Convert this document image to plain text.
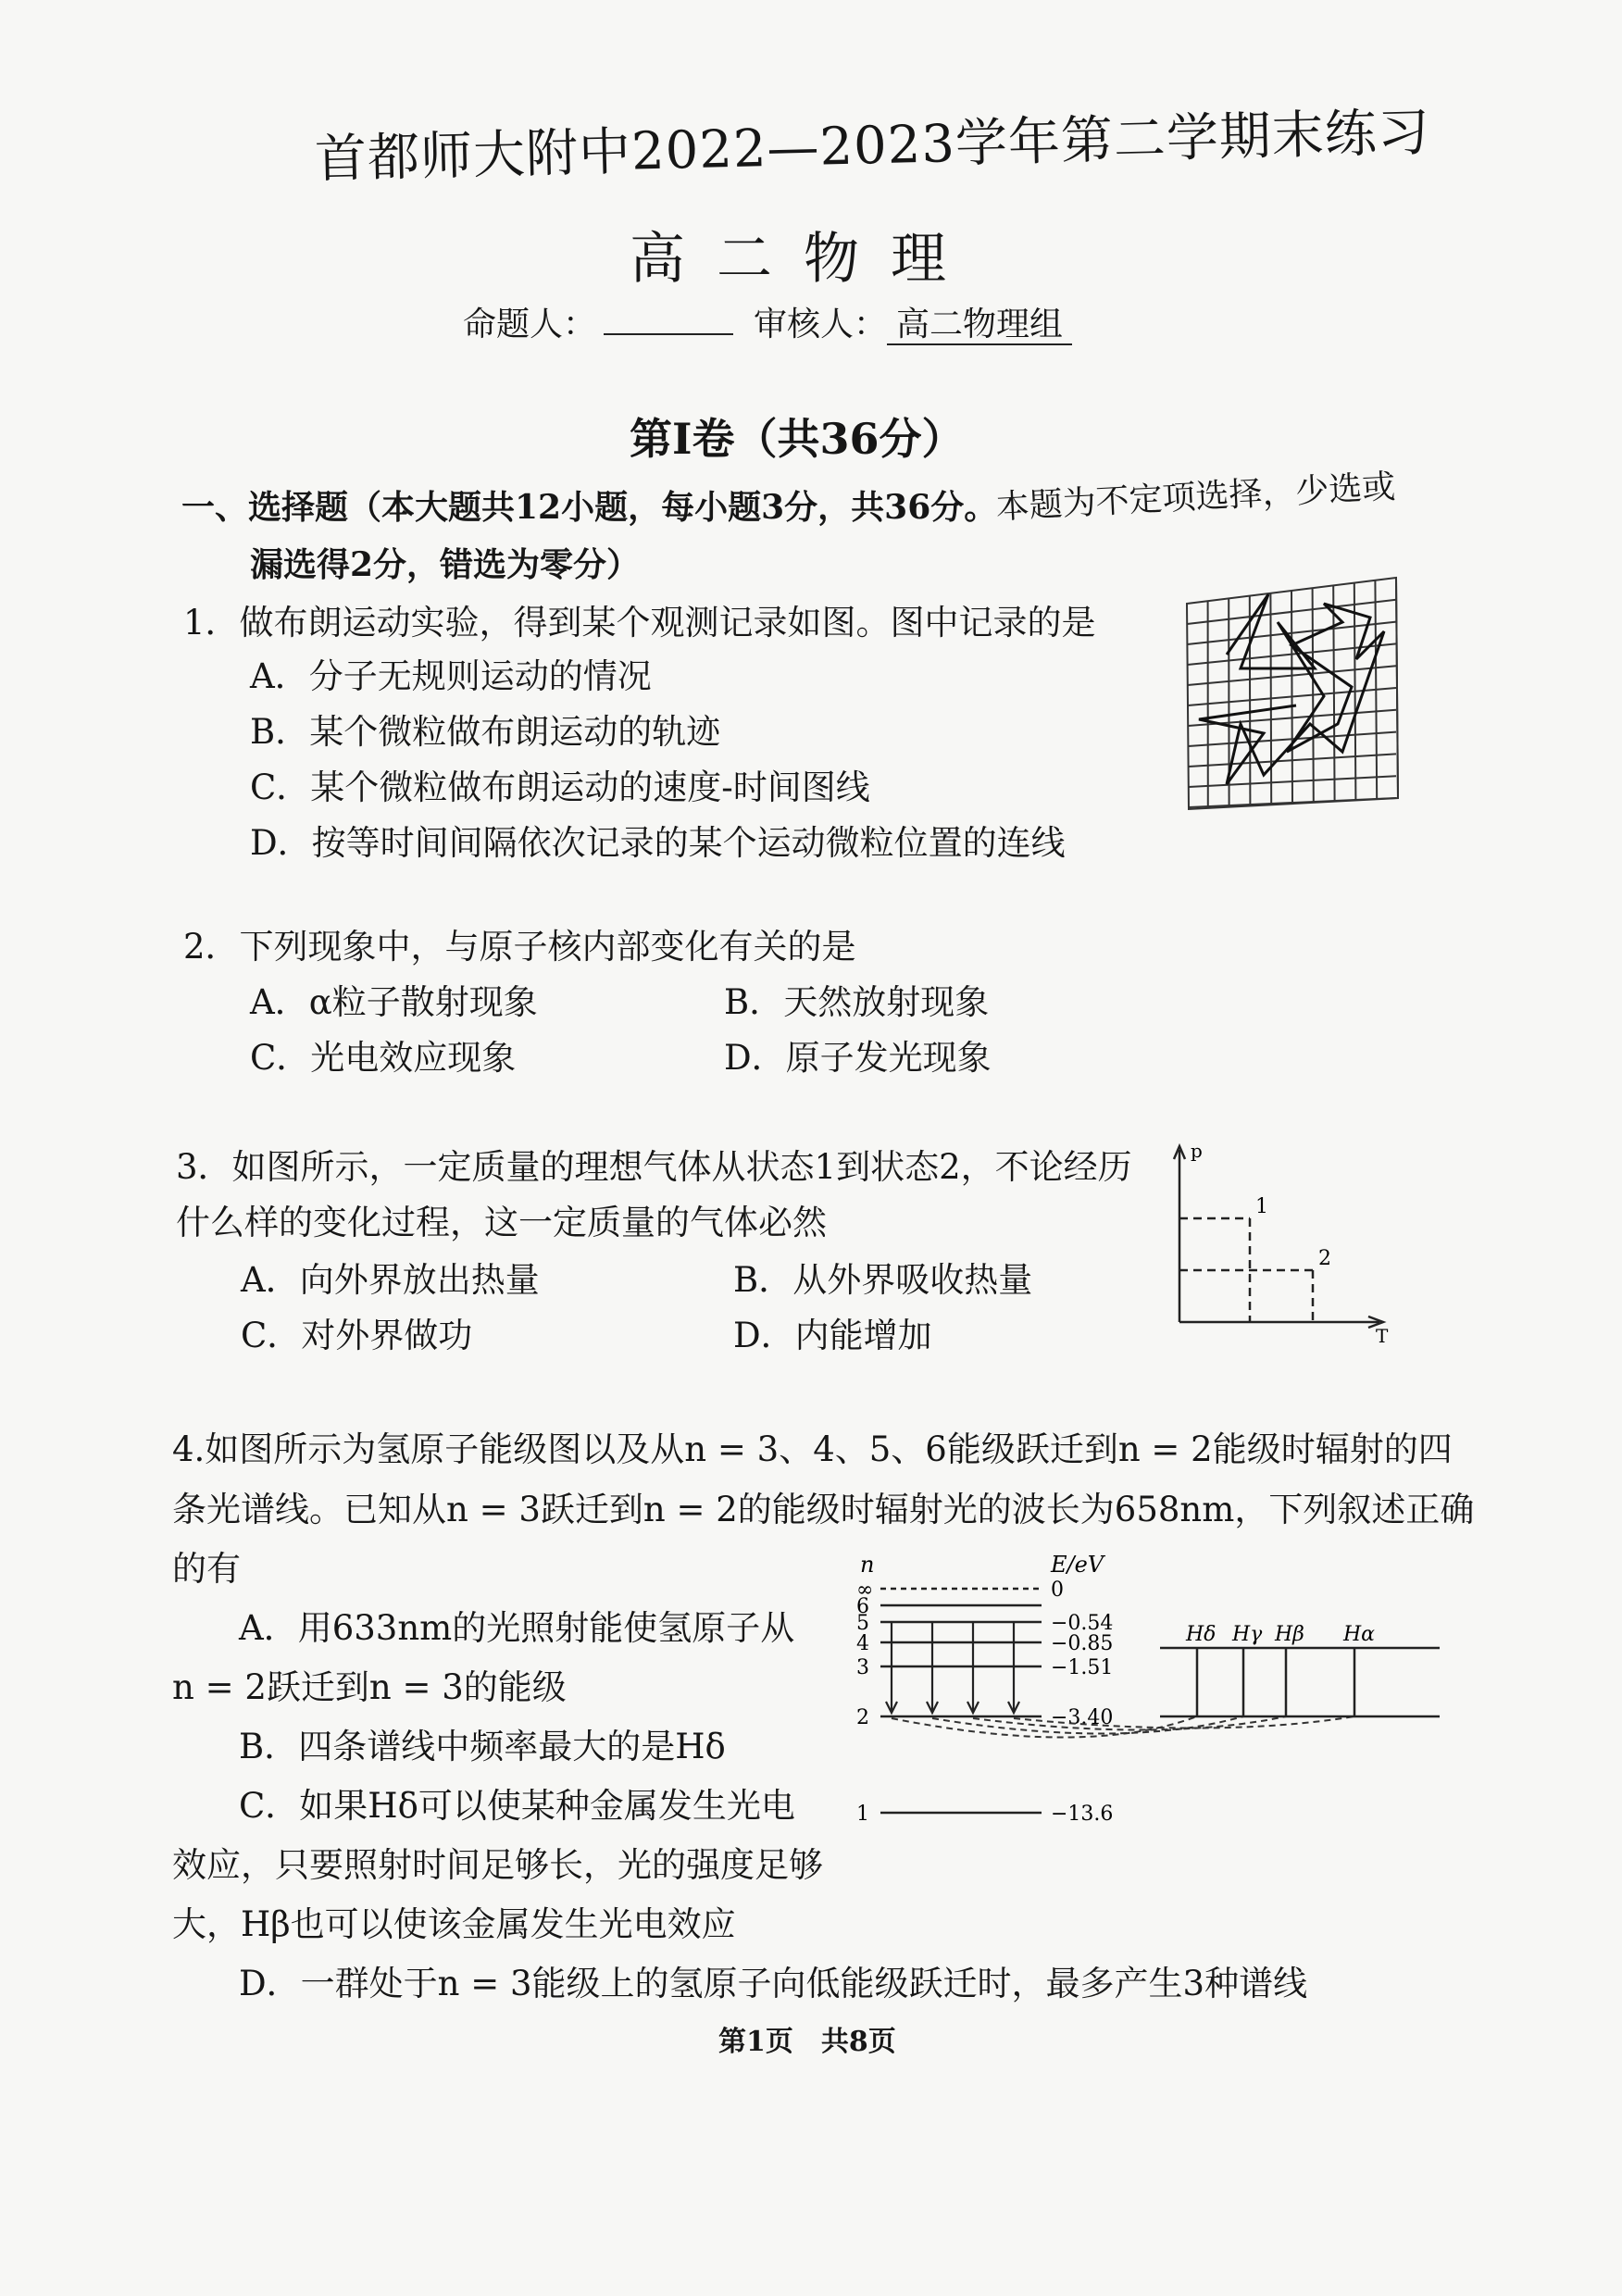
首都师大附中2022—2023学年第二学期末练习
高二物理
命题人：	审核人： 高二物理组
第I卷（共36分）
一、选择题（本大题共12小题，每小题3分，共36分。本题为不定项选择，少选或
漏选得2分，错选为零分）
1．做布朗运动实验，得到某个观测记录如图。图中记录的是
A．分子无规则运动的情况
B．某个微粒做布朗运动的轨迹
C．某个微粒做布朗运动的速度-时间图线
D．按等时间间隔依次记录的某个运动微粒位置的连线
2．下列现象中，与原子核内部变化有关的是
A．α粒子散射现象	B．天然放射现象
C．光电效应现象	D．原子发光现象
3．如图所示，一定质量的理想气体从状态1到状态2，不论经历
什么样的变化过程，这一定质量的气体必然
A．向外界放出热量	B．从外界吸收热量
C．对外界做功	D．内能增加
p
T
1
2
4.如图所示为氢原子能级图以及从n = 3、4、5、6能级跃迁到n = 2能级时辐射的四
条光谱线。已知从n = 3跃迁到n = 2的能级时辐射光的波长为658nm，下列叙述正确
的有
A．用633nm的光照射能使氢原子从
n = 2跃迁到n = 3的能级
B．四条谱线中频率最大的是Hδ
C．如果Hδ可以使某种金属发生光电
效应，只要照射时间足够长，光的强度足够
大，Hβ也可以使该金属发生光电效应
D．一群处于n = 3能级上的氢原子向低能级跃迁时，最多产生3种谱线
n	E/eV
∞	0
6
5	−0.54
4	−0.85
3	−1.51
2	−3.40
1	−13.6
Hδ Hγ Hβ Hα
第1页　共8页
